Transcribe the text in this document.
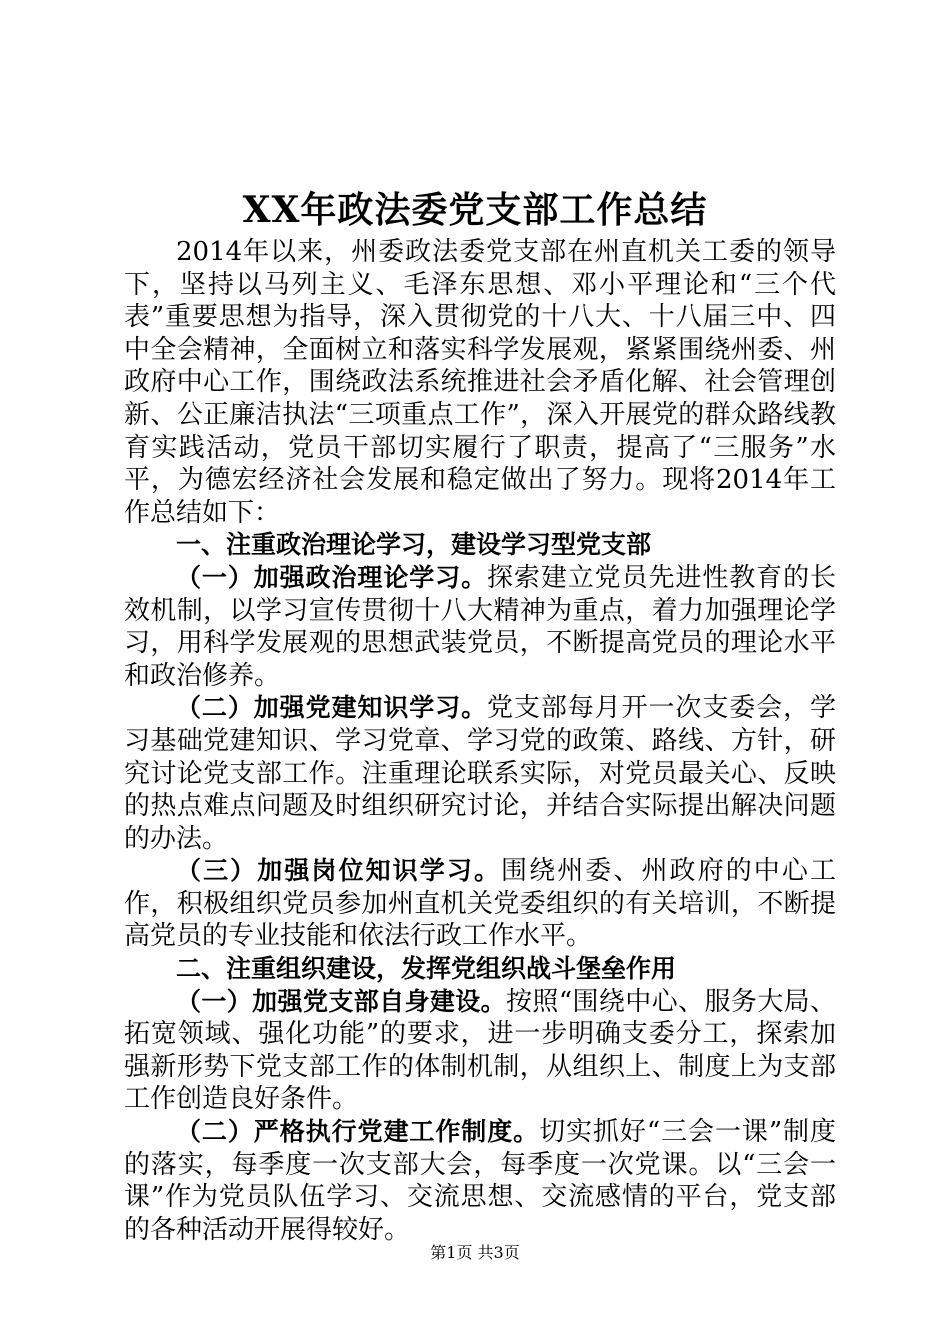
XX年政法委党支部工作总结

2014年以来，州委政法委党支部在州直机关工委的领导下，坚持以马列主义、毛泽东思想、邓小平理论和“三个代表”重要思想为指导，深入贯彻党的十八大、十八届三中、四中全会精神，全面树立和落实科学发展观，紧紧围绕州委、州政府中心工作，围绕政法系统推进社会矛盾化解、社会管理创新、公正廉洁执法“三项重点工作”，深入开展党的群众路线教育实践活动，党员干部切实履行了职责，提高了“三服务”水平，为德宏经济社会发展和稳定做出了努力。现将2014年工作总结如下：

一、注重政治理论学习，建设学习型党支部

（一）加强政治理论学习。探索建立党员先进性教育的长效机制，以学习宣传贯彻十八大精神为重点，着力加强理论学习，用科学发展观的思想武装党员，不断提高党员的理论水平和政治修养。

（二）加强党建知识学习。党支部每月开一次支委会，学习基础党建知识、学习党章、学习党的政策、路线、方针，研究讨论党支部工作。注重理论联系实际，对党员最关心、反映的热点难点问题及时组织研究讨论，并结合实际提出解决问题的办法。

（三）加强岗位知识学习。围绕州委、州政府的中心工作，积极组织党员参加州直机关党委组织的有关培训，不断提高党员的专业技能和依法行政工作水平。

二、注重组织建设，发挥党组织战斗堡垒作用

（一）加强党支部自身建设。按照“围绕中心、服务大局、拓宽领域、强化功能”的要求，进一步明确支委分工，探索加强新形势下党支部工作的体制机制，从组织上、制度上为支部工作创造良好条件。

（二）严格执行党建工作制度。切实抓好“三会一课”制度的落实，每季度一次支部大会，每季度一次党课。以“三会一课”作为党员队伍学习、交流思想、交流感情的平台，党支部的各种活动开展得较好。

第1页 共3页
